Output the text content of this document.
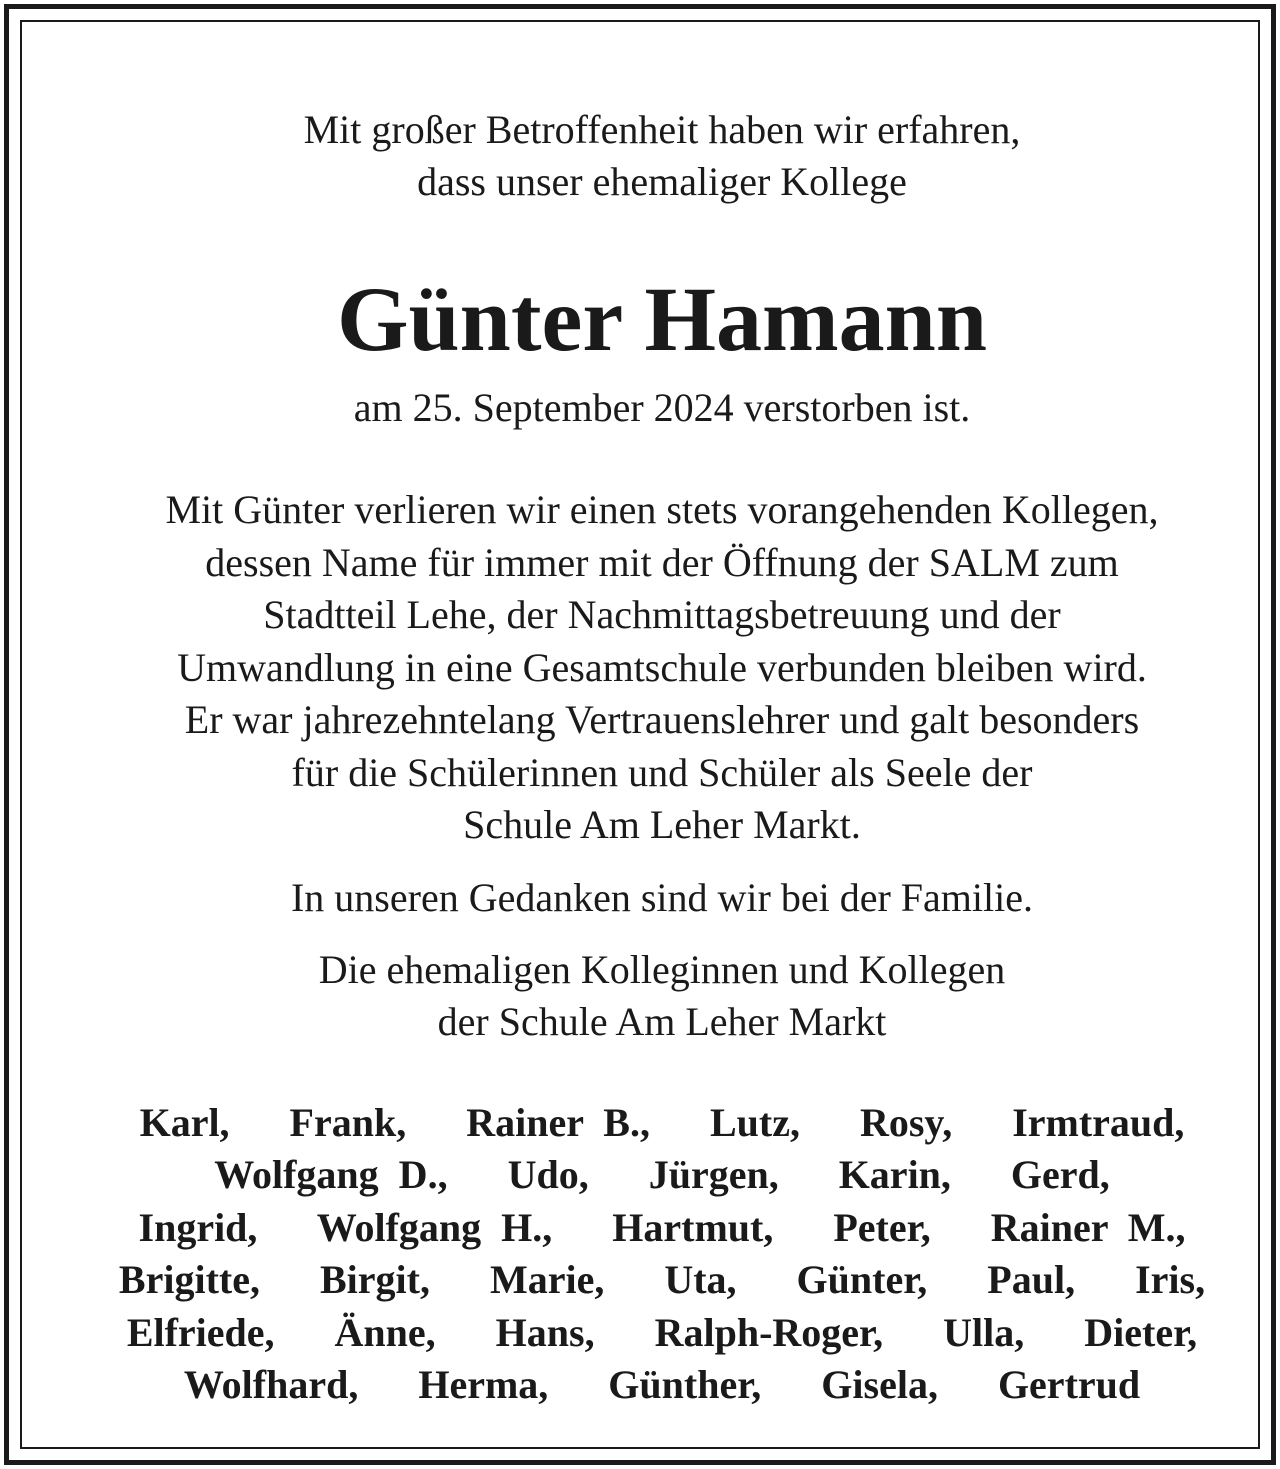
Mit großer Betroffenheit haben wir erfahren,
dass unser ehemaliger Kollege
Günter Hamann
am 25. September 2024 verstorben ist.
Mit Günter verlieren wir einen stets vorangehenden Kollegen,
dessen Name für immer mit der Öffnung der SALM zum
Stadtteil Lehe, der Nachmittagsbetreuung und der
Umwandlung in eine Gesamtschule verbunden bleiben wird.
Er war jahrezehntelang Vertrauenslehrer und galt besonders
für die Schülerinnen und Schüler als Seele der
Schule Am Leher Markt.
In unseren Gedanken sind wir bei der Familie.
Die ehemaligen Kolleginnen und Kollegen
der Schule Am Leher Markt
Karl,   Frank,   Rainer B.,   Lutz,   Rosy,   Irmtraud,
Wolfgang D.,   Udo,   Jürgen,   Karin,   Gerd,
Ingrid,   Wolfgang H.,   Hartmut,   Peter,   Rainer M.,
Brigitte,   Birgit,   Marie,   Uta,   Günter,   Paul,   Iris,
Elfriede,   Änne,   Hans,   Ralph-Roger,   Ulla,   Dieter,
Wolfhard,   Herma,   Günther,   Gisela,   Gertrud
